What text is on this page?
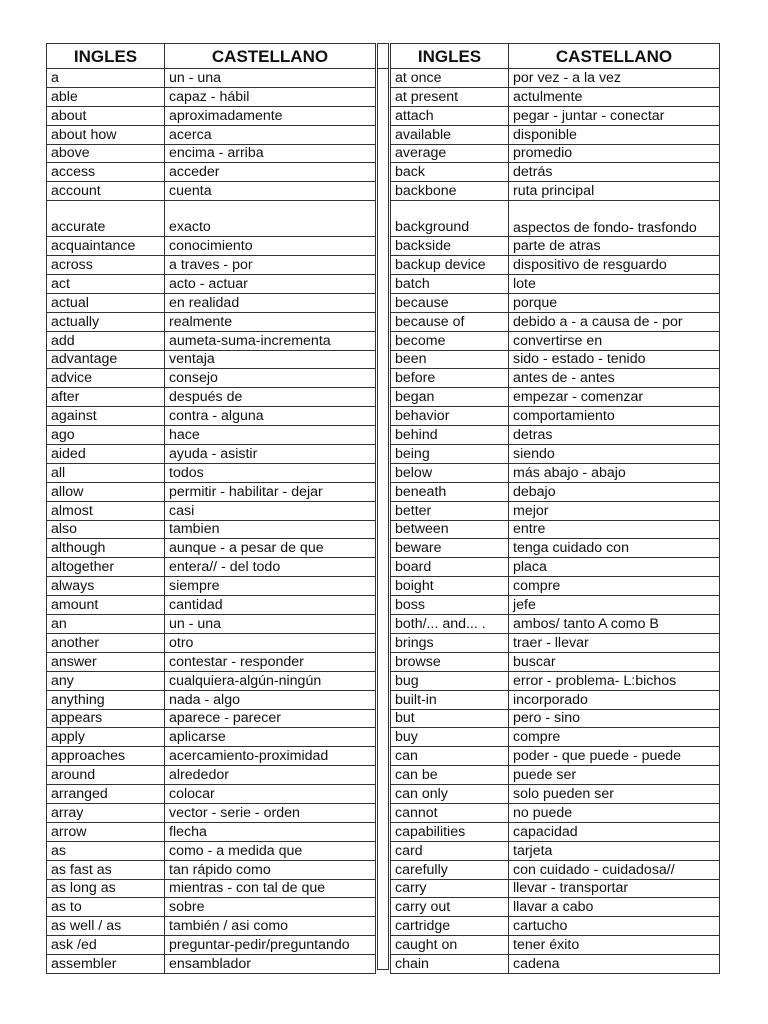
INGLES	CASTELLANO
a	un - una
able	capaz - hábil
about	aproximadamente
about how	acerca
above	encima - arriba
access	acceder
account	cuenta
accurate	exacto
acquaintance	conocimiento
across	a traves - por
act	acto - actuar
actual	en realidad
actually	realmente
add	aumeta-suma-incrementa
advantage	ventaja
advice	consejo
after	después de
against	contra - alguna
ago	hace
aided	ayuda - asistir
all	todos
allow	permitir - habilitar - dejar
almost	casi
also	tambien
although	aunque - a pesar de que
altogether	entera// - del todo
always	siempre
amount	cantidad
an	un - una
another	otro
answer	contestar - responder
any	cualquiera-algún-ningún
anything	nada - algo
appears	aparece - parecer
apply	aplicarse
approaches	acercamiento-proximidad
around	alrededor
arranged	colocar
array	vector - serie - orden
arrow	flecha
as	como - a medida que
as fast as	tan rápido como
as long as	mientras - con tal de que
as to	sobre
as well / as	también / asi como
ask /ed	preguntar-pedir/preguntando
assembler	ensamblador
INGLES	CASTELLANO
at once	por vez - a la vez
at present	actulmente
attach	pegar - juntar - conectar
available	disponible
average	promedio
back	detrás
backbone	ruta principal
background	aspectos de fondo- trasfondo
backside	parte de atras
backup device	dispositivo de resguardo
batch	lote
because	porque
because of	debido a - a causa de - por
become	convertirse en
been	sido - estado - tenido
before	antes de - antes
began	empezar - comenzar
behavior	comportamiento
behind	detras
being	siendo
below	más abajo - abajo
beneath	debajo
better	mejor
between	entre
beware	tenga cuidado con
board	placa
boight	compre
boss	jefe
both/... and... .	ambos/ tanto A como B
brings	traer - llevar
browse	buscar
bug	error - problema- L:bichos
built-in	incorporado
but	pero - sino
buy	compre
can	poder - que puede - puede
can be	puede ser
can only	solo pueden ser
cannot	no puede
capabilities	capacidad
card	tarjeta
carefully	con cuidado - cuidadosa//
carry	llevar - transportar
carry out	llavar a cabo
cartridge	cartucho
caught on	tener éxito
chain	cadena
